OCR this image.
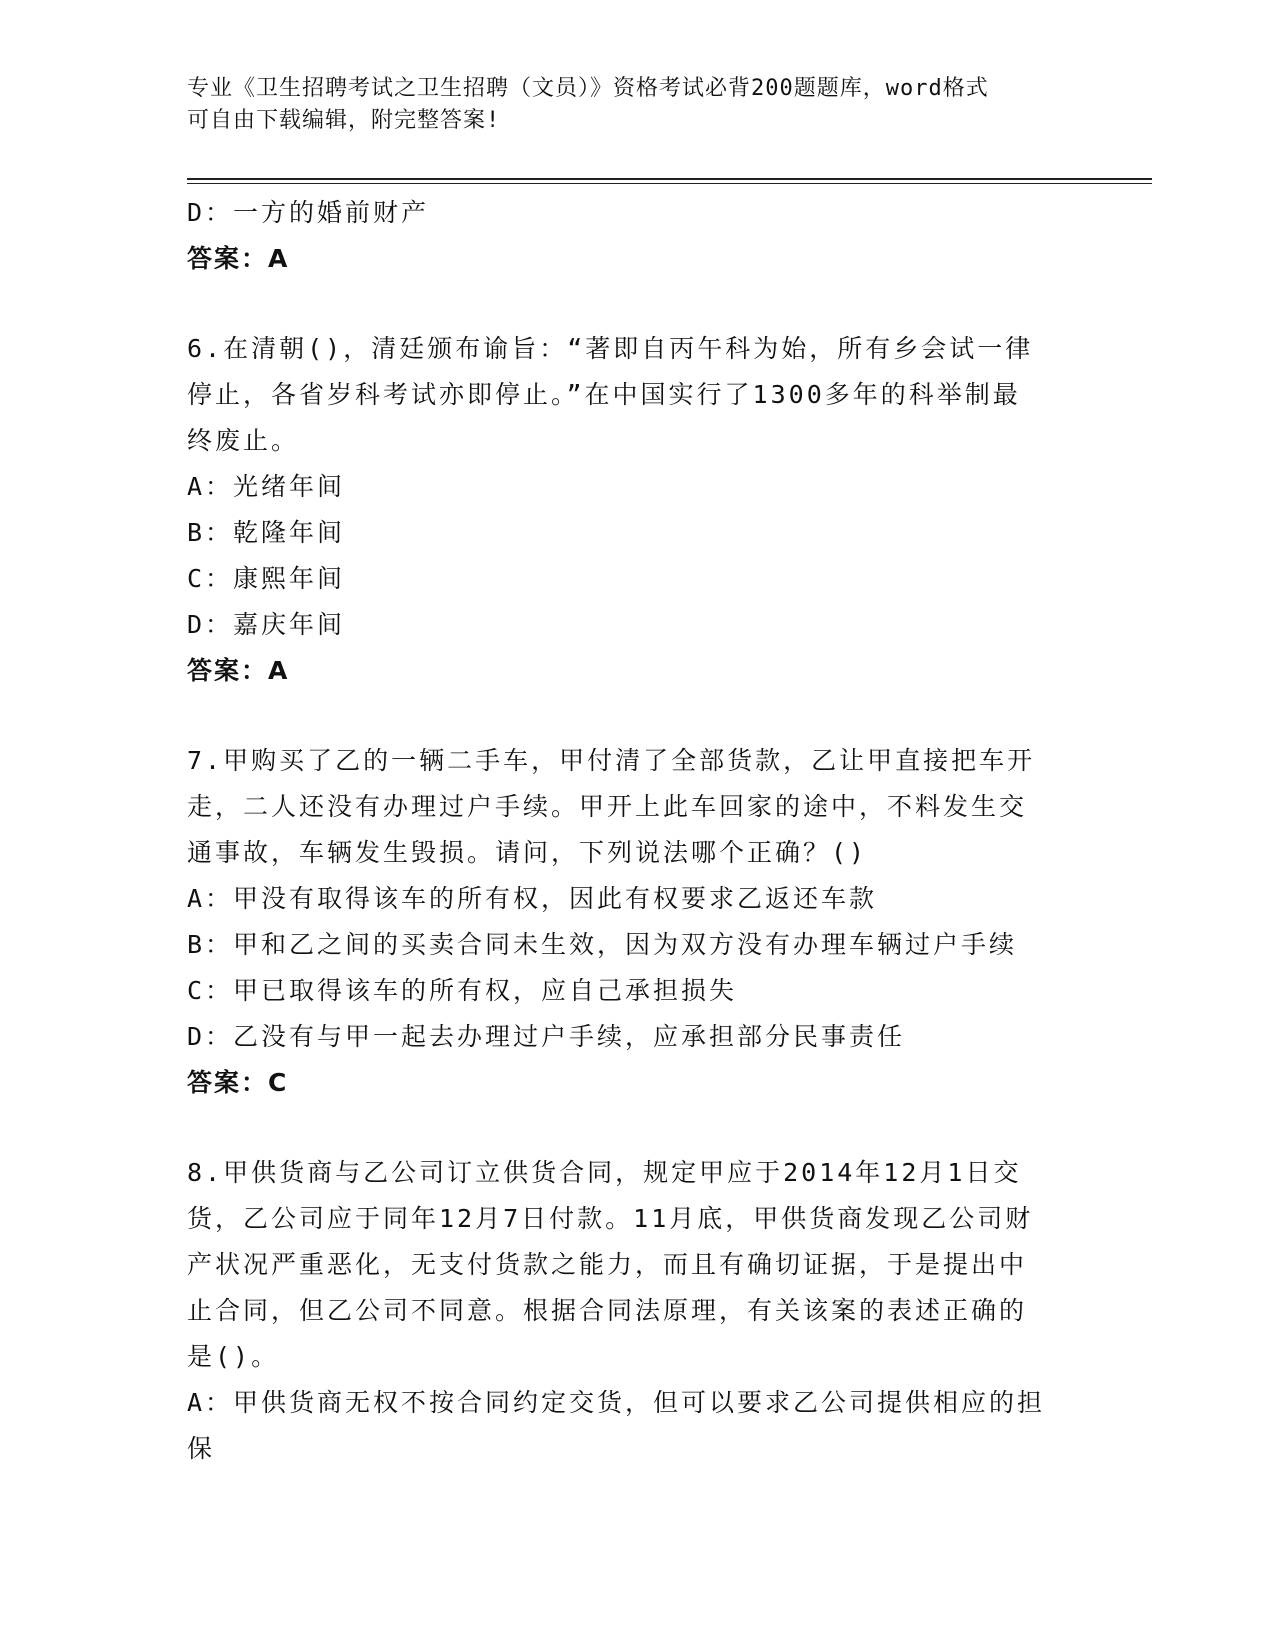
专业《卫生招聘考试之卫生招聘（文员）》资格考试必背200题题库，word格式
可自由下载编辑，附完整答案!
D：一方的婚前财产
答案：A
6.在清朝()，清廷颁布谕旨：“著即自丙午科为始，所有乡会试一律
停止，各省岁科考试亦即停止。”在中国实行了1300多年的科举制最
终废止。
A：光绪年间
B：乾隆年间
C：康熙年间
D：嘉庆年间
答案：A
7.甲购买了乙的一辆二手车，甲付清了全部货款，乙让甲直接把车开
走，二人还没有办理过户手续。甲开上此车回家的途中，不料发生交
通事故，车辆发生毁损。请问，下列说法哪个正确？()
A：甲没有取得该车的所有权，因此有权要求乙返还车款
B：甲和乙之间的买卖合同未生效，因为双方没有办理车辆过户手续
C：甲已取得该车的所有权，应自己承担损失
D：乙没有与甲一起去办理过户手续，应承担部分民事责任
答案：C
8.甲供货商与乙公司订立供货合同，规定甲应于2014年12月1日交
货，乙公司应于同年12月7日付款。11月底，甲供货商发现乙公司财
产状况严重恶化，无支付货款之能力，而且有确切证据，于是提出中
止合同，但乙公司不同意。根据合同法原理，有关该案的表述正确的
是()。
A：甲供货商无权不按合同约定交货，但可以要求乙公司提供相应的担
保
